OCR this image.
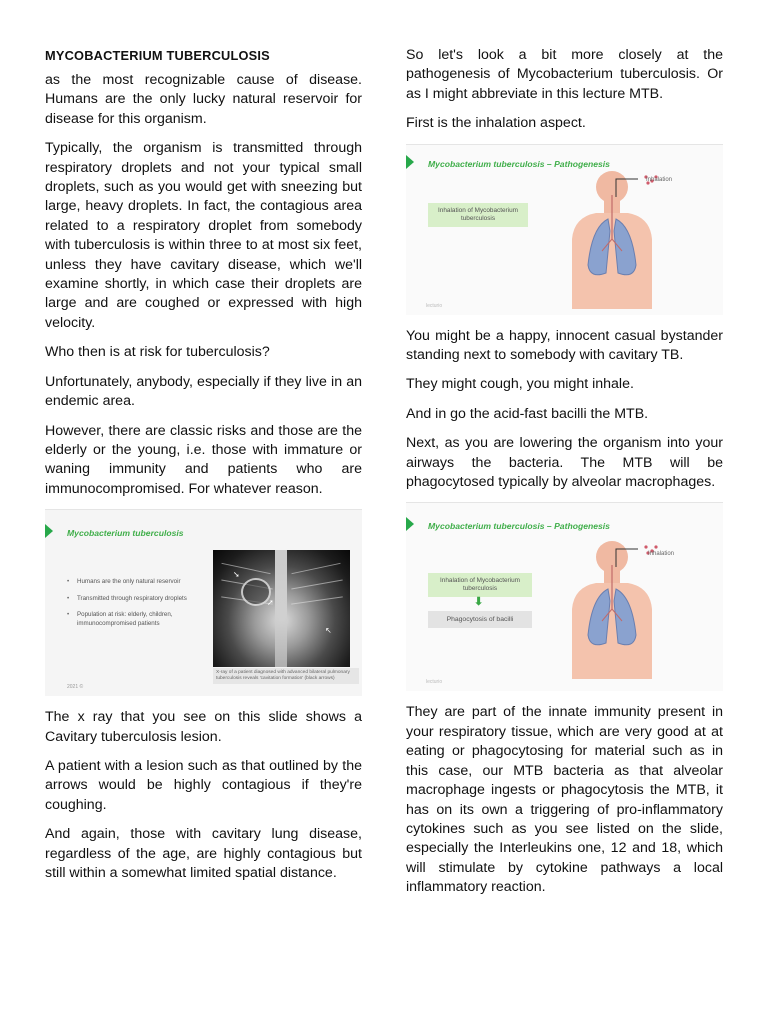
MYCOBACTERIUM TUBERCULOSIS

as the most recognizable cause of disease. Humans are the only lucky natural reservoir for disease for this organism.

Typically, the organism is transmitted through respiratory droplets and not your typical small droplets, such as you would get with sneezing but large, heavy droplets. In fact, the contagious area related to a respiratory droplet from somebody with tuberculosis is within three to at most six feet, unless they have cavitary disease, which we'll examine shortly, in which case their droplets are large and are coughed or expressed with high velocity.

Who then is at risk for tuberculosis?

Unfortunately, anybody, especially if they live in an endemic area.

However, there are classic risks and those are the elderly or the young, i.e. those with immature or waning immunity and patients who are immunocompromised. For whatever reason.

Mycobacterium tuberculosis
• Humans are the only natural reservoir
• Transmitted through respiratory droplets
• Population at risk: elderly, children, immunocompromised patients
➘
➚
↖
X-ray of a patient diagnosed with advanced bilateral pulmonary tuberculosis reveals 'cavitation formation' (black arrows)
2021 ©

The x ray that you see on this slide shows a Cavitary tuberculosis lesion.

A patient with a lesion such as that outlined by the arrows would be highly contagious if they're coughing.

And again, those with cavitary lung disease, regardless of the age, are highly contagious but still within a somewhat limited spatial distance.

So let's look a bit more closely at the pathogenesis of Mycobacterium tuberculosis. Or as I might abbreviate in this lecture MTB.

First is the inhalation aspect.

Mycobacterium tuberculosis – Pathogenesis
Inhalation of Mycobacterium tuberculosis
Inhalation
lecturio

You might be a happy, innocent casual bystander standing next to somebody with cavitary TB.

They might cough, you might inhale.

And in go the acid-fast bacilli the MTB.

Next, as you are lowering the organism into your airways the bacteria. The MTB will be phagocytosed typically by alveolar macrophages.

Mycobacterium tuberculosis – Pathogenesis
Inhalation of Mycobacterium tuberculosis
⬇
Phagocytosis of bacilli
Inhalation
lecturio

They are part of the innate immunity present in your respiratory tissue, which are very good at at eating or phagocytosing for material such as in this case, our MTB bacteria as that alveolar macrophage ingests or phagocytosis the MTB, it has on its own a triggering of pro-inflammatory cytokines such as you see listed on the slide, especially the Interleukins one, 12 and 18, which will stimulate by cytokine pathways a local inflammatory reaction.
